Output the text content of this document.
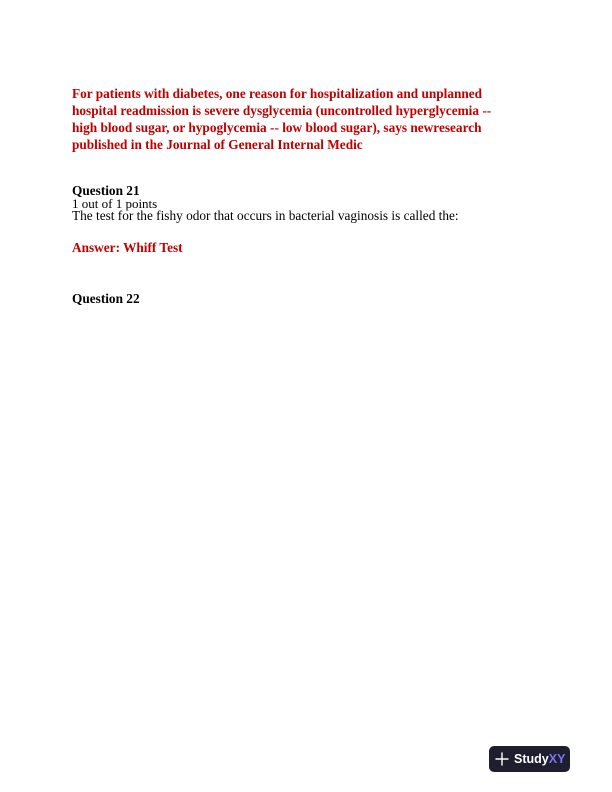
For patients with diabetes, one reason for hospitalization and unplanned
hospital readmission is severe dysglycemia (uncontrolled hyperglycemia --
high blood sugar, or hypoglycemia -- low blood sugar), says newresearch
published in the Journal of General Internal Medic
Question 21
1 out of 1 points
The test for the fishy odor that occurs in bacterial vaginosis is called the:
Answer: Whiff Test
Question 22
Study XY
